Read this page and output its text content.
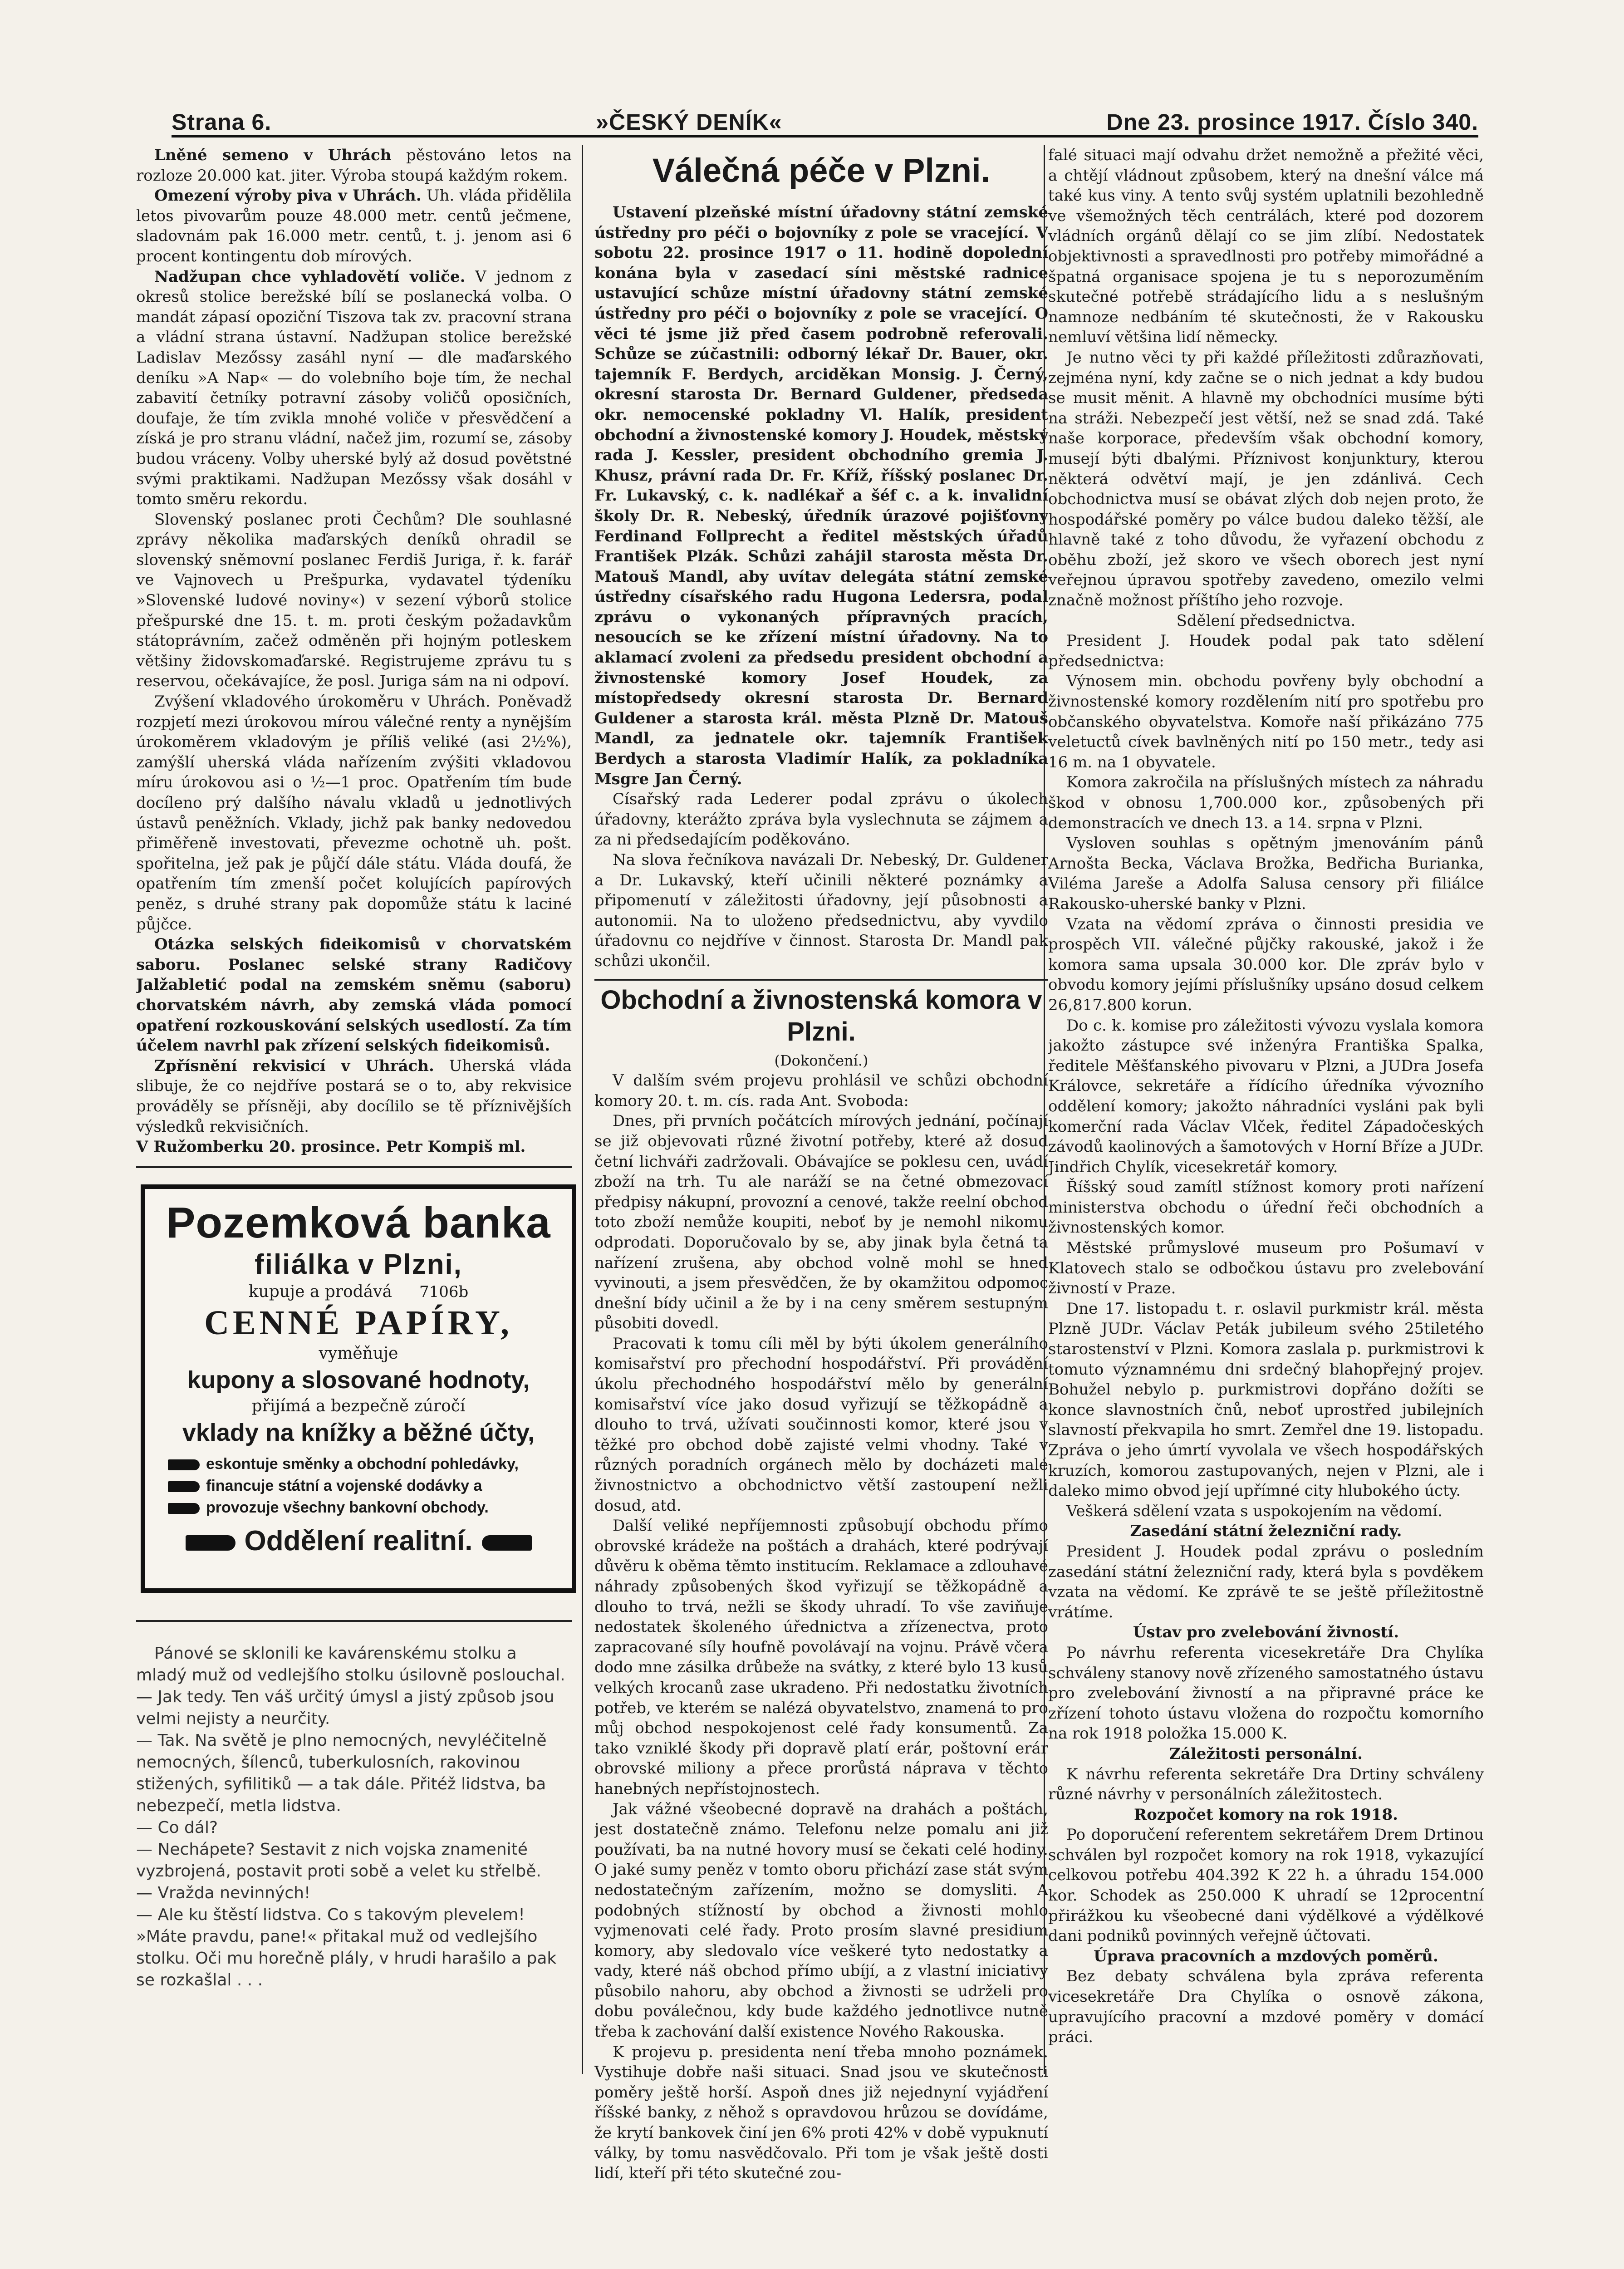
Strana 6.	»ČESKÝ DENÍK«	Dne 23. prosince 1917. Číslo 340.

Lněné semeno v Uhrách pěstováno letos na rozloze 20.000 kat. jiter. Výroba stoupá každým rokem.

Omezení výroby piva v Uhrách. Uh. vláda přidělila letos pivovarům pouze 48.000 metr. centů ječmene, sladovnám pak 16.000 metr. centů, t. j. jenom asi 6 procent kontingentu dob mírových.

Nadžupan chce vyhladovětí voliče. V jednom z okresů stolice berežské bílí se poslanecká volba. O mandát zápasí opoziční Tiszova tak zv. pracovní strana a vládní strana ústavní. Nadžupan stolice berežské Ladislav Mezőssy zasáhl nyní — dle maďarského deníku »A Nap« — do volebního boje tím, že nechal zabavití četníky potravní zásoby voličů oposičních, doufaje, že tím zvikla mnohé voliče v přesvědčení a získá je pro stranu vládní, načež jim, rozumí se, zásoby budou vráceny. Volby uherské bylý až dosud povětstné svými praktikami. Nadžupan Mezőssy však dosáhl v tomto směru rekordu.

Slovenský poslanec proti Čechům? Dle souhlasné zprávy několika maďarských deníků ohradil se slovenský sněmovní poslanec Ferdiš Juriga, ř. k. farář ve Vajnovech u Prešpurka, vydavatel týdeníku »Slovenské ludové noviny«) v sezení výborů stolice přešpurské dne 15. t. m. proti českým požadavkům státoprávním, začež odměněn při hojným potleskem většiny židovskomaďarské. Registrujeme zprávu tu s reservou, očekávajíce, že posl. Juriga sám na ni odpoví.

Zvýšení vkladového úrokoměru v Uhrách. Poněvadž rozpjetí mezi úrokovou mírou válečné renty a nynějším úrokoměrem vkladovým je příliš veliké (asi 2½%), zamýšlí uherská vláda nařízením zvýšiti vkladovou míru úrokovou asi o ½—1 proc. Opatřením tím bude docíleno prý dalšího návalu vkladů u jednotlivých ústavů peněžních. Vklady, jichž pak banky nedovedou přiměřeně investovati, převezme ochotně uh. pošt. spořitelna, jež pak je půjčí dále státu. Vláda doufá, že opatřením tím zmenší počet kolujících papírových peněz, s druhé strany pak dopomůže státu k laciné půjčce.

Otázka selských fideikomisů v chorvatském saboru. Poslanec selské strany Radičovy Jalžabletić podal na zemském sněmu (saboru) chorvatském návrh, aby zemská vláda pomocí opatření rozkouskování selských usedlostí. Za tím účelem navrhl pak zřízení selských fideikomisů.

Zpřísnění rekvisicí v Uhrách. Uherská vláda slibuje, že co nejdříve postará se o to, aby rekvisice prováděly se přísněji, aby docílilo se tě příznivějších výsledků rekvisičních.

V Ružomberku 20. prosince. Petr Kompiš ml.

Pozemková banka
filiálka v Plzni,
kupuje a prodává 7106b
CENNÉ PAPÍRY,
vyměňuje
kupony a slosované hodnoty,
přijímá a bezpečně zúročí
vklady na knížky a běžné účty,
eskontuje směnky a obchodní pohledávky,
financuje státní a vojenské dodávky a
provozuje všechny bankovní obchody.
Oddělení realitní.

Pánové se sklonili ke kavárenskému stolku a mladý muž od vedlejšího stolku úsilovně poslouchal.
— Jak tedy. Ten váš určitý úmysl a jistý způsob jsou velmi nejisty a neurčity.
— Tak. Na světě je plno nemocných, nevyléčitelně nemocných, šílenců, tuberkulosních, rakovinou stižených, syfilitiků — a tak dále. Přitéž lidstva, ba nebezpečí, metla lidstva.
— Co dál?
— Nechápete? Sestavit z nich vojska znamenité vyzbrojená, postavit proti sobě a velet ku střelbě.
— Vražda nevinných!
— Ale ku štěstí lidstva. Co s takovým plevelem!
»Máte pravdu, pane!« přitakal muž od vedlejšího stolku. Oči mu horečně plály, v hrudi harašilo a pak se rozkašlal . . .

Válečná péče v Plzni.

Ustavení plzeňské místní úřadovny státní zemské ústředny pro péči o bojovníky z pole se vracející. V sobotu 22. prosince 1917 o 11. hodině dopolední konána byla v zasedací síni městské radnice ustavující schůze místní úřadovny státní zemské ústředny pro péči o bojovníky z pole se vracející. O věci té jsme již před časem podrobně referovali. Schůze se zúčastnili: odborný lékař Dr. Bauer, okr. tajemník F. Berdych, arciděkan Monsig. J. Černý, okresní starosta Dr. Bernard Guldener, předseda okr. nemocenské pokladny Vl. Halík, president obchodní a živnostenské komory J. Houdek, městský rada J. Kessler, president obchodního gremia J. Khusz, právní rada Dr. Fr. Kříž, říšský poslanec Dr. Fr. Lukavský, c. k. nadlékař a šéf c. a k. invalidní školy Dr. R. Nebeský, úředník úrazové pojišťovny Ferdinand Follprecht a ředitel městských úřadů František Plzák. Schůzi zahájil starosta města Dr. Matouš Mandl, aby uvítav delegáta státní zemské ústředny císařského radu Hugona Ledersra, podal zprávu o vykonaných přípravných pracích, nesoucích se ke zřízení místní úřadovny. Na to aklamací zvoleni za předsedu president obchodní a živnostenské komory Josef Houdek, za místopředsedy okresní starosta Dr. Bernard Guldener a starosta král. města Plzně Dr. Matouš Mandl, za jednatele okr. tajemník František Berdych a starosta Vladimír Halík, za pokladníka Msgre Jan Černý.

Císařský rada Lederer podal zprávu o úkolech úřadovny, kterážto zpráva byla vyslechnuta se zájmem a za ni předsedajícím poděkováno.

Na slova řečníkova navázali Dr. Nebeský, Dr. Guldener a Dr. Lukavský, kteří učinili některé poznámky a připomenutí v záležitosti úřadovny, její působnosti a autonomii. Na to uloženo předsednictvu, aby vyvdilo úřadovnu co nejdříve v činnost. Starosta Dr. Mandl pak schůzi ukončil.

Obchodní a živnostenská komora v Plzni.

(Dokončení.)

V dalším svém projevu prohlásil ve schůzi obchodní komory 20. t. m. cís. rada Ant. Svoboda:

Dnes, při prvních počátcích mírových jednání, počínají se již objevovati různé životní potřeby, které až dosud četní lichváři zadržovali. Obávajíce se poklesu cen, uvádí zboží na trh. Tu ale naráží se na četné obmezovací předpisy nákupní, provozní a cenové, takže reelní obchod toto zboží nemůže koupiti, neboť by je nemohl nikomu odprodati. Doporučovalo by se, aby jinak byla četná ta nařízení zrušena, aby obchod volně mohl se hned vyvinouti, a jsem přesvědčen, že by okamžitou odpomoc dnešní bídy učinil a že by i na ceny směrem sestupným působiti dovedl.

Pracovati k tomu cíli měl by býti úkolem generálního komisařství pro přechodní hospodářství. Při provádění úkolu přechodného hospodářství mělo by generální komisařství více jako dosud vyřizují se těžkopádně a dlouho to trvá, užívati součinnosti komor, které jsou v těžké pro obchod době zajisté velmi vhodny. Také v různých poradních orgánech mělo by docházeti malé živnostnictvo a obchodnictvo větší zastoupení nežli dosud, atd.

Další veliké nepříjemnosti způsobují obchodu přímo obrovské krádeže na poštách a drahách, které podrývají důvěru k oběma těmto institucím. Reklamace a zdlouhavé náhrady způsobených škod vyřizují se těžkopádně a dlouho to trvá, nežli se škody uhradí. To vše zaviňuje nedostatek školeného úřednictva a zřízenectva, proto zapracované síly houfně povolávají na vojnu. Právě včera dodo mne zásilka drůbeže na svátky, z které bylo 13 kusů velkých krocanů zase ukradeno. Při nedostatku životních potřeb, ve kterém se nalézá obyvatelstvo, znamená to pro můj obchod nespokojenost celé řady konsumentů. Za tako vzniklé škody při dopravě platí erár, poštovní erár obrovské miliony a přece prorůstá náprava v těchto hanebných nepřístojnostech.

Jak vážné všeobecné dopravě na drahách a poštách, jest dostatečně známo. Telefonu nelze pomalu ani již používati, ba na nutné hovory musí se čekati celé hodiny. O jaké sumy peněz v tomto oboru přichází zase stát svým nedostatečným zařízením, možno se domysliti. A podobných stížností by obchod a živnosti mohlo vyjmenovati celé řady. Proto prosím slavné presidium komory, aby sledovalo více veškeré tyto nedostatky a vady, které náš obchod přímo ubíjí, a z vlastní iniciativy působilo nahoru, aby obchod a živnosti se udrželi pro dobu poválečnou, kdy bude každého jednotlivce nutně třeba k zachování další existence Nového Rakouska.

K projevu p. presidenta není třeba mnoho poznámek. Vystihuje dobře naši situaci. Snad jsou ve skutečnosti poměry ještě horší. Aspoň dnes již nejednyní vyjádření říšské banky, z něhož s opravdovou hrůzou se dovídáme, že krytí bankovek činí jen 6% proti 42% v době vypuknutí války, by tomu nasvědčovalo. Při tom je však ještě dosti lidí, kteří při této skutečné zou-

falé situaci mají odvahu držet nemožně a přežité věci, a chtějí vládnout způsobem, který na dnešní válce má také kus viny. A tento svůj systém uplatnili bezohledně ve všemožných těch centrálách, které pod dozorem vládních orgánů dělají co se jim zlíbí. Nedostatek objektivnosti a spravedlnosti pro potřeby mimořádné a špatná organisace spojena je tu s neporozuměním skutečné potřebě strádajícího lidu a s neslušným namnoze nedbáním té skutečnosti, že v Rakousku nemluví většina lidí německy.

Je nutno věci ty při každé příležitosti zdůrazňovati, zejména nyní, kdy začne se o nich jednat a kdy budou se musit měnit. A hlavně my obchodníci musíme býti na stráži. Nebezpečí jest větší, než se snad zdá. Také naše korporace, především však obchodní komory, musejí býti dbalými. Příznivost konjunktury, kterou některá odvětví mají, je jen zdánlivá. Cech obchodnictva musí se obávat zlých dob nejen proto, že hospodářské poměry po válce budou daleko těžší, ale hlavně také z toho důvodu, že vyřazení obchodu z oběhu zboží, jež skoro ve všech oborech jest nyní veřejnou úpravou spotřeby zavedeno, omezilo velmi značně možnost příštího jeho rozvoje.

Sdělení předsednictva.

President J. Houdek podal pak tato sdělení předsednictva:

Výnosem min. obchodu povřeny byly obchodní a živnostenské komory rozdělením nití pro spotřebu pro občanského obyvatelstva. Komoře naší přikázáno 775 veletuctů cívek bavlněných nití po 150 metr., tedy asi 16 m. na 1 obyvatele.

Komora zakročila na příslušných místech za náhradu škod v obnosu 1,700.000 kor., způsobených při demonstracích ve dnech 13. a 14. srpna v Plzni.

Vysloven souhlas s opětným jmenováním pánů Arnošta Becka, Václava Brožka, Bedřicha Burianka, Viléma Jareše a Adolfa Salusa censory při filiálce Rakousko-uherské banky v Plzni.

Vzata na vědomí zpráva o činnosti presidia ve prospěch VII. válečné půjčky rakouské, jakož i že komora sama upsala 30.000 kor. Dle zpráv bylo v obvodu komory jejími příslušníky upsáno dosud celkem 26,817.800 korun.

Do c. k. komise pro záležitosti vývozu vyslala komora jakožto zástupce své inženýra Františka Spalka, ředitele Měšťanského pivovaru v Plzni, a JUDra Josefa Královce, sekretáře a řídícího úředníka vývozního oddělení komory; jakožto náhradníci vysláni pak byli komerční rada Václav Vlček, ředitel Západočeských závodů kaolinových a šamotových v Horní Bříze a JUDr. Jindřich Chylík, vicesekretář komory.

Říšský soud zamítl stížnost komory proti nařízení ministerstva obchodu o úřední řeči obchodních a živnostenských komor.

Městské průmyslové museum pro Pošumaví v Klatovech stalo se odbočkou ústavu pro zvelebování živností v Praze.

Dne 17. listopadu t. r. oslavil purkmistr král. města Plzně JUDr. Václav Peták jubileum svého 25tiletého starostenství v Plzni. Komora zaslala p. purkmistrovi k tomuto významnému dni srdečný blahopřejný projev. Bohužel nebylo p. purkmistrovi dopřáno dožíti se konce slavnostních čnů, neboť uprostřed jubilejních slavností překvapila ho smrt. Zemřel dne 19. listopadu. Zpráva o jeho úmrtí vyvolala ve všech hospodářských kruzích, komorou zastupovaných, nejen v Plzni, ale i daleko mimo obvod její upřímné city hlubokého úcty.

Veškerá sdělení vzata s uspokojením na vědomí.

Zasedání státní železniční rady.

President J. Houdek podal zprávu o posledním zasedání státní železniční rady, která byla s povděkem vzata na vědomí. Ke zprávě te se ještě příležitostně vrátíme.

Ústav pro zvelebování živností.

Po návrhu referenta vicesekretáře Dra Chylíka schváleny stanovy nově zřízeného samostatného ústavu pro zvelebování živností a na připravné práce ke zřízení tohoto ústavu vložena do rozpočtu komorního na rok 1918 položka 15.000 K.

Záležitosti personální.

K návrhu referenta sekretáře Dra Drtiny schváleny různé návrhy v personálních záležitostech.

Rozpočet komory na rok 1918.

Po doporučení referentem sekretářem Drem Drtinou schválen byl rozpočet komory na rok 1918, vykazující celkovou potřebu 404.392 K 22 h. a úhradu 154.000 kor. Schodek as 250.000 K uhradí se 12procentní přirážkou ku všeobecné dani výdělkové a výdělkové dani podniků povinných veřejně účtovati.

Úprava pracovních a mzdových poměrů.

Bez debaty schválena byla zpráva referenta vicesekretáře Dra Chylíka o osnově zákona, upravujícího pracovní a mzdové poměry v domácí práci.
